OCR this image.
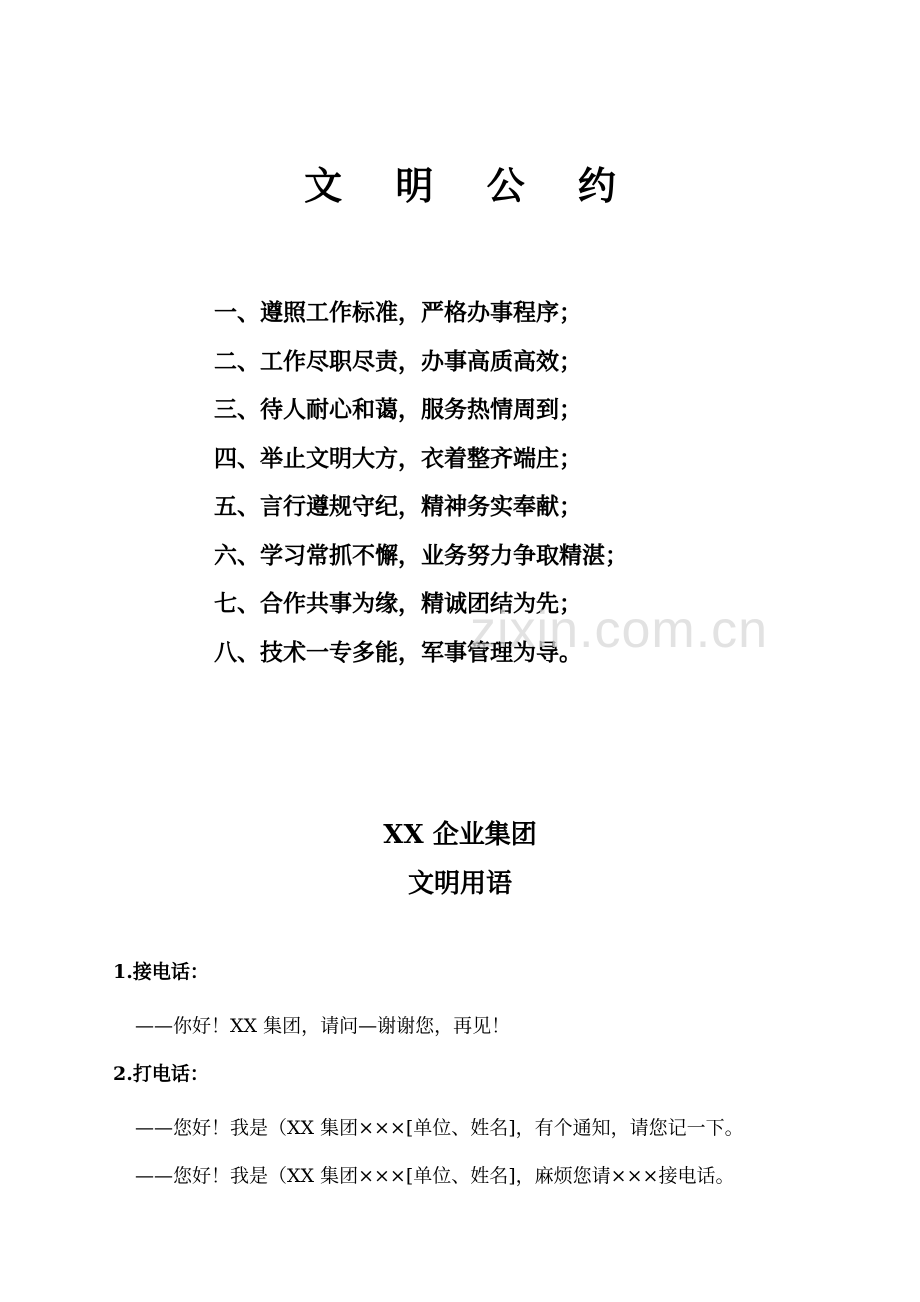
文 明 公 约
一、遵照工作标准，严格办事程序；
二、工作尽职尽责，办事高质高效；
三、待人耐心和蔼，服务热情周到；
四、举止文明大方，衣着整齐端庄；
五、言行遵规守纪，精神务实奉献；
六、学习常抓不懈，业务努力争取精湛；
七、合作共事为缘，精诚团结为先；
八、技术一专多能，军事管理为导。
zixin.com.cn
XX 企业集团
文明用语
1.接电话：
——你好！XX 集团，请问—谢谢您，再见！
2.打电话：
——您好！我是（XX 集团×××[单位、姓名]，有个通知，请您记一下。
——您好！我是（XX 集团×××[单位、姓名]，麻烦您请×××接电话。
